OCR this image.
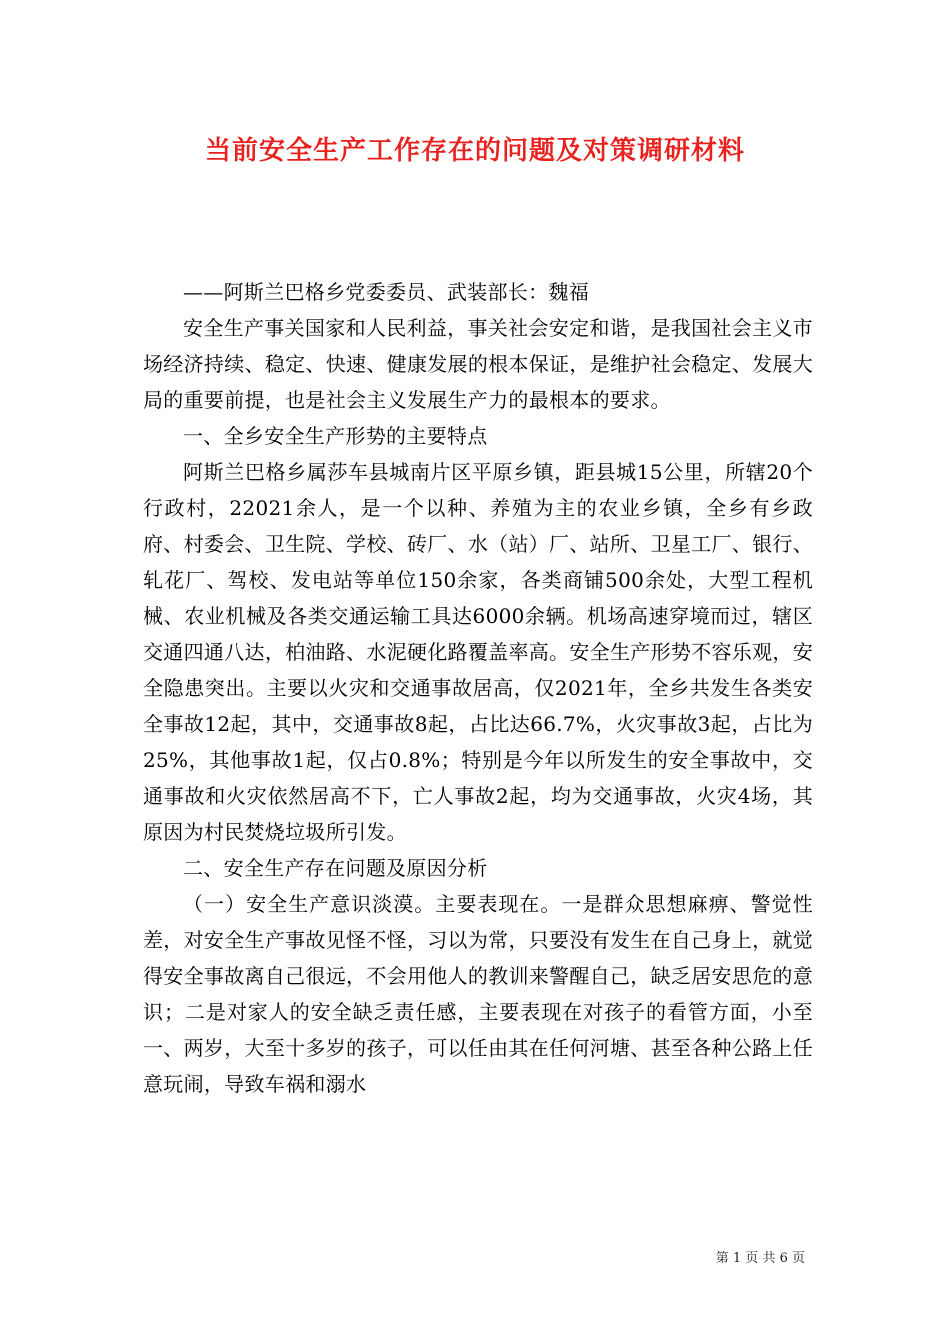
当前安全生产工作存在的问题及对策调研材料

——阿斯兰巴格乡党委委员、武装部长：魏福

安全生产事关国家和人民利益，事关社会安定和谐，是我国社会主义市场经济持续、稳定、快速、健康发展的根本保证，是维护社会稳定、发展大局的重要前提，也是社会主义发展生产力的最根本的要求。

一、全乡安全生产形势的主要特点

阿斯兰巴格乡属莎车县城南片区平原乡镇，距县城15公里，所辖20个行政村，22021余人，是一个以种、养殖为主的农业乡镇，全乡有乡政府、村委会、卫生院、学校、砖厂、水（站）厂、站所、卫星工厂、银行、轧花厂、驾校、发电站等单位150余家，各类商铺500余处，大型工程机械、农业机械及各类交通运输工具达6000余辆。机场高速穿境而过，辖区交通四通八达，柏油路、水泥硬化路覆盖率高。安全生产形势不容乐观，安全隐患突出。主要以火灾和交通事故居高，仅2021年，全乡共发生各类安全事故12起，其中，交通事故8起，占比达66.7%，火灾事故3起，占比为25%，其他事故1起，仅占0.8%；特别是今年以所发生的安全事故中，交通事故和火灾依然居高不下，亡人事故2起，均为交通事故，火灾4场，其原因为村民焚烧垃圾所引发。

二、安全生产存在问题及原因分析

（一）安全生产意识淡漠。主要表现在。一是群众思想麻痹、警觉性差，对安全生产事故见怪不怪，习以为常，只要没有发生在自己身上，就觉得安全事故离自己很远，不会用他人的教训来警醒自己，缺乏居安思危的意识；二是对家人的安全缺乏责任感，主要表现在对孩子的看管方面，小至一、两岁，大至十多岁的孩子，可以任由其在任何河塘、甚至各种公路上任意玩闹，导致车祸和溺水

第 1 页 共 6 页
